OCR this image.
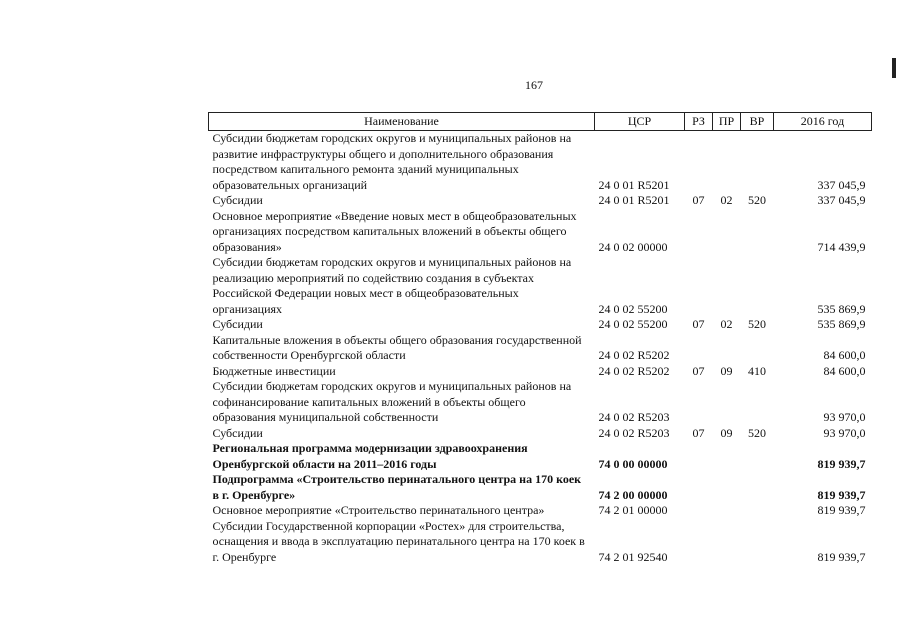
167
Наименование	ЦСР	РЗ	ПР	ВР	2016 год
Субсидии бюджетам городских округов и муниципальных районов на развитие инфраструктуры общего и дополнительного образования посредством капитального ремонта зданий муниципальных образовательных организаций	24 0 01 R5201				337 045,9
Субсидии	24 0 01 R5201	07	02	520	337 045,9
Основное мероприятие «Введение новых мест в общеобразовательных организациях посредством капитальных вложений в объекты общего образования»	24 0 02 00000				714 439,9
Субсидии бюджетам городских округов и муниципальных районов на реализацию мероприятий по содействию создания в субъектах Российской Федерации новых мест в общеобразовательных организациях	24 0 02 55200				535 869,9
Субсидии	24 0 02 55200	07	02	520	535 869,9
Капитальные вложения в объекты общего образования государственной собственности Оренбургской области	24 0 02 R5202				84 600,0
Бюджетные инвестиции	24 0 02 R5202	07	09	410	84 600,0
Субсидии бюджетам городских округов и муниципальных районов на софинансирование капитальных вложений в объекты общего образования муниципальной собственности	24 0 02 R5203				93 970,0
Субсидии	24 0 02 R5203	07	09	520	93 970,0
Региональная программа модернизации здравоохранения Оренбургской области на 2011–2016 годы	74 0 00 00000				819 939,7
Подпрограмма «Строительство перинатального центра на 170 коек в г. Оренбурге»	74 2 00 00000				819 939,7
Основное мероприятие «Строительство перинатального центра»	74 2 01 00000				819 939,7
Субсидии Государственной корпорации «Ростех» для строительства, оснащения и ввода в эксплуатацию перинатального центра на 170 коек в г. Оренбурге	74 2 01 92540				819 939,7
